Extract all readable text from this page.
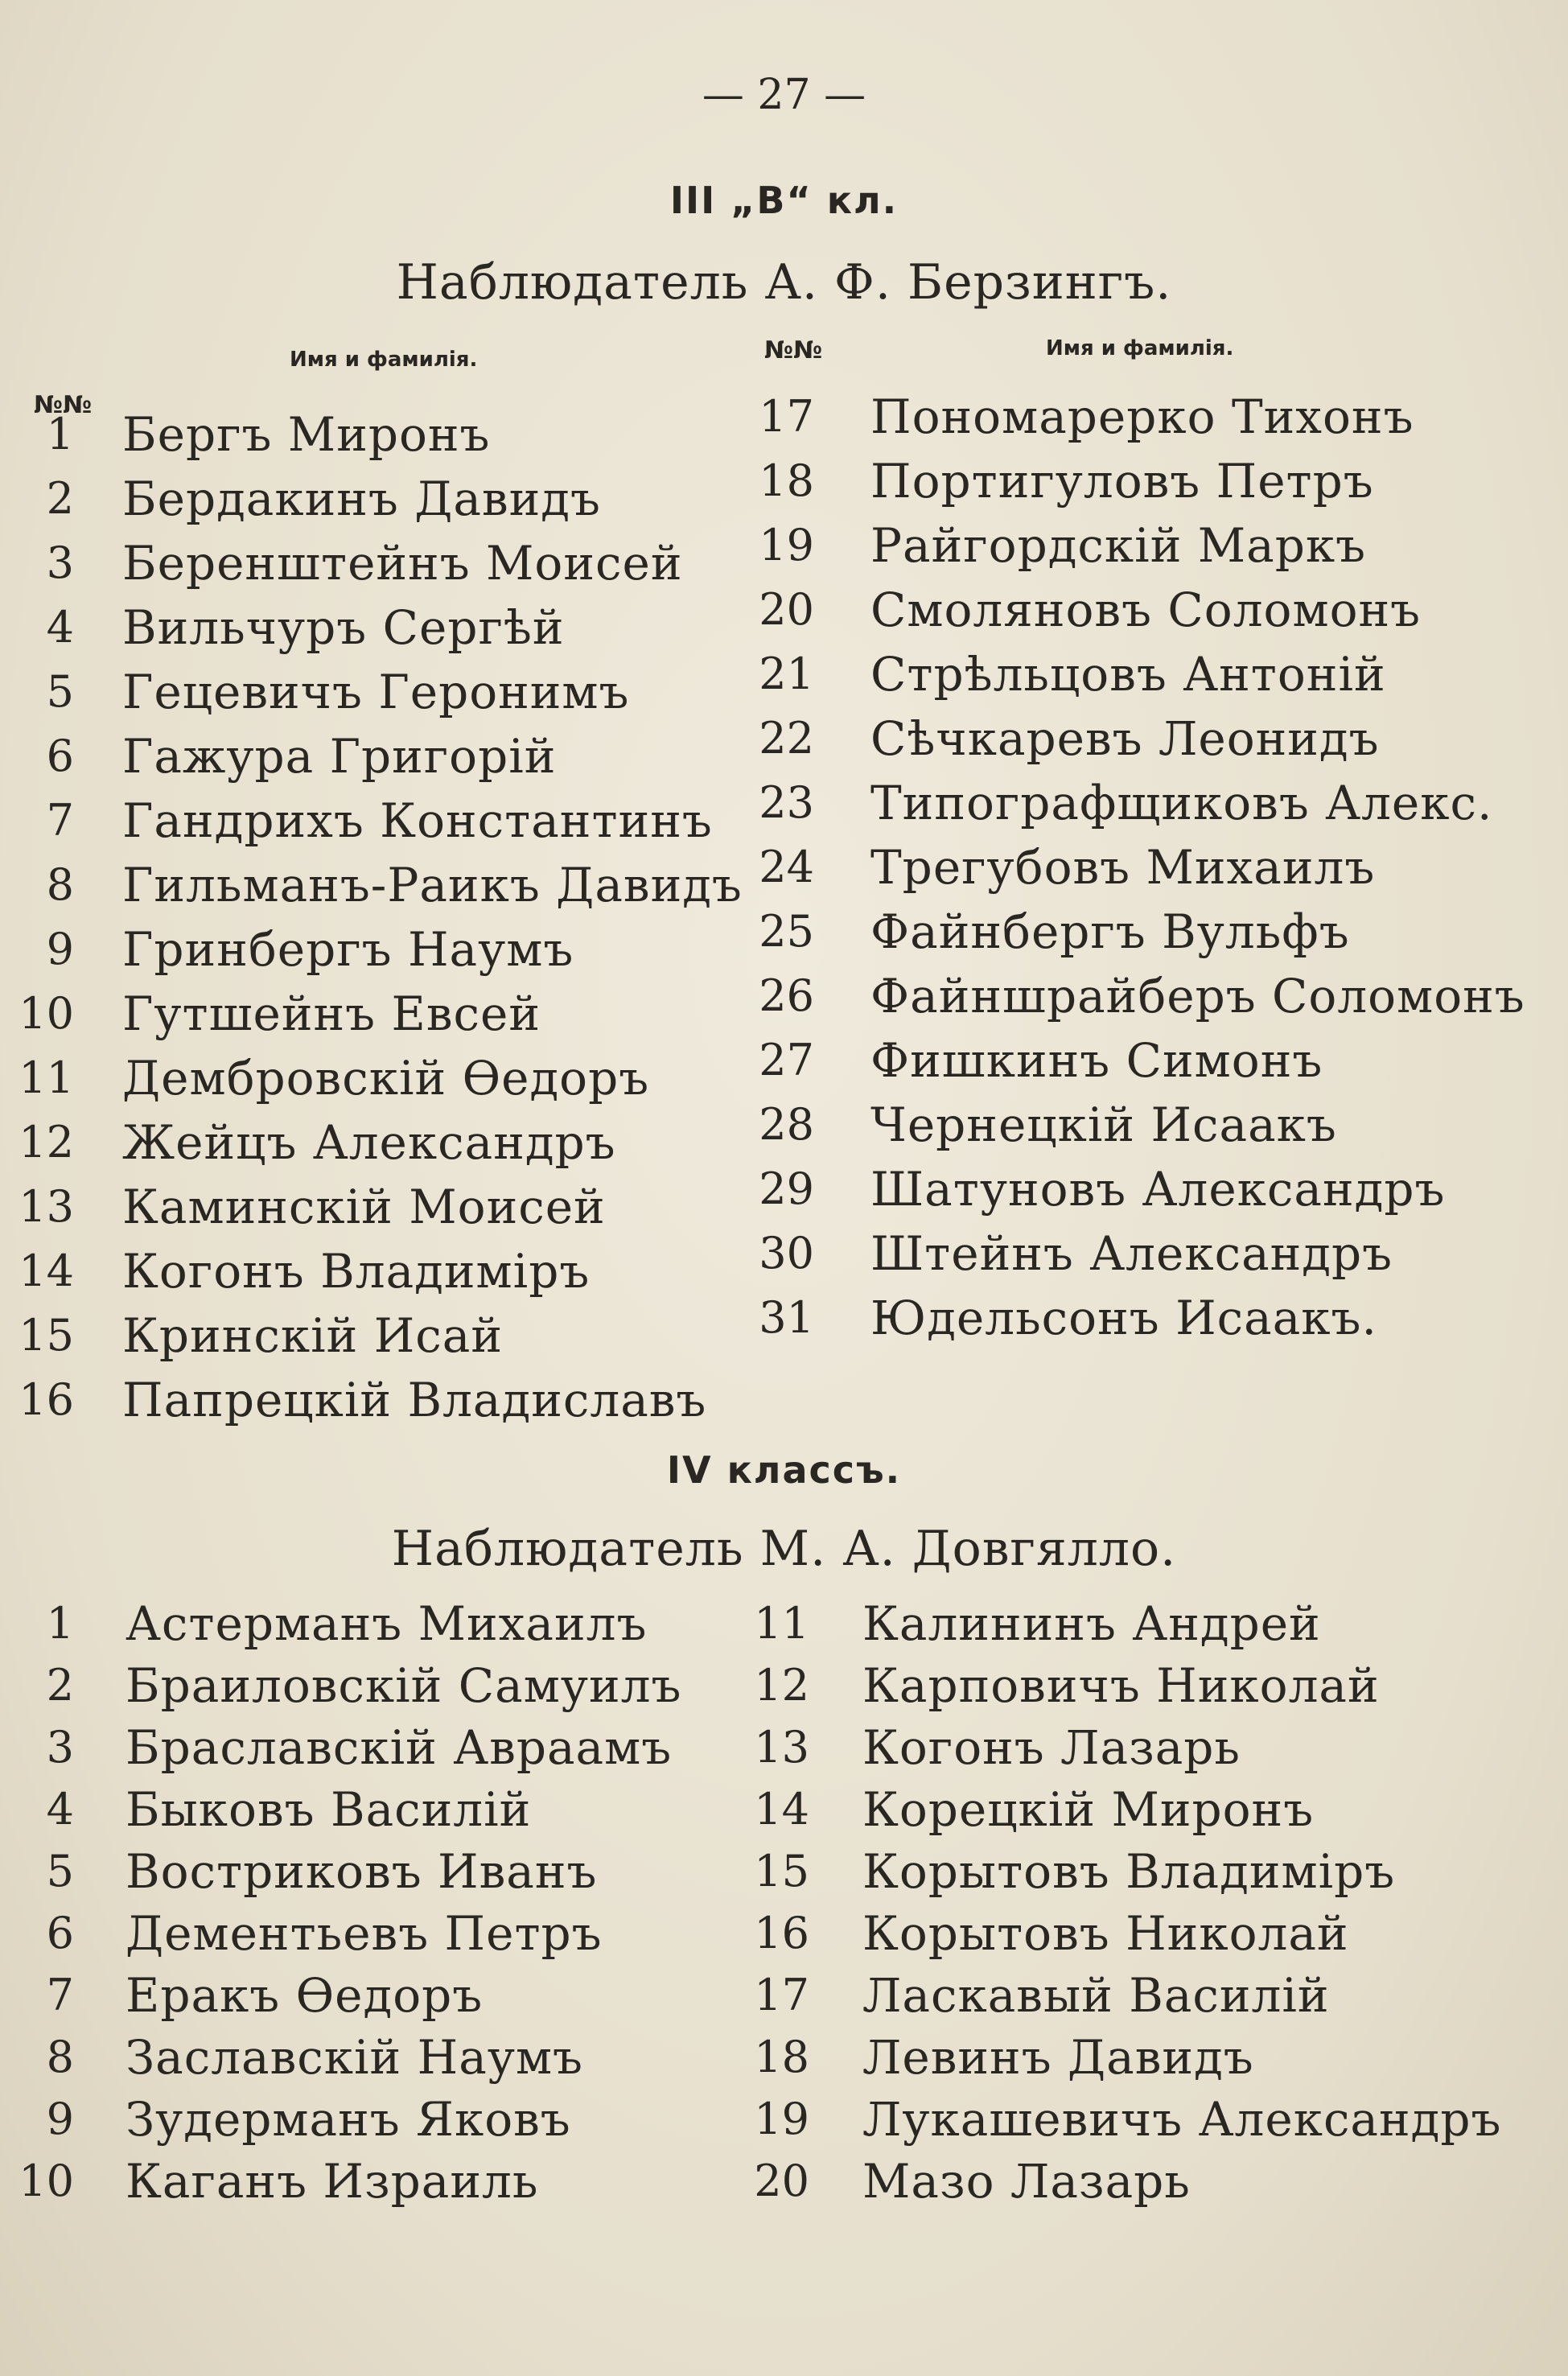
— 27 —
III „B“ кл.
Наблюдатель А. Ф. Берзингъ.
Имя и фамилія.	Имя и фамилія.
№№
№№
1 Бергъ Миронъ
2 Бердакинъ Давидъ
3 Беренштейнъ Моисей
4 Вильчуръ Сергѣй
5 Гецевичъ Геронимъ
6 Гажура Григорій
7 Гандрихъ Константинъ
8 Гильманъ-Раикъ Давидъ
9 Гринбергъ Наумъ
10 Гутшейнъ Евсей
11 Дембровскій Өедоръ
12 Жейцъ Александръ
13 Каминскій Моисей
14 Когонъ Владиміръ
15 Кринскій Исай
16 Папрецкій Владиславъ
17 Пономарерко Тихонъ
18 Портигуловъ Петръ
19 Райгордскій Маркъ
20 Смоляновъ Соломонъ
21 Стрѣльцовъ Антоній
22 Сѣчкаревъ Леонидъ
23 Типографщиковъ Алекс.
24 Трегубовъ Михаилъ
25 Файнбергъ Вульфъ
26 Файншрайберъ Соломонъ
27 Фишкинъ Симонъ
28 Чернецкій Исаакъ
29 Шатуновъ Александръ
30 Штейнъ Александръ
31 Юдельсонъ Исаакъ.
IV классъ.
Наблюдатель М. А. Довгялло.
1 Астерманъ Михаилъ
2 Браиловскій Самуилъ
3 Браславскій Авраамъ
4 Быковъ Василій
5 Востриковъ Иванъ
6 Дементьевъ Петръ
7 Еракъ Өедоръ
8 Заславскій Наумъ
9 Зудерманъ Яковъ
10 Каганъ Израиль
11 Калининъ Андрей
12 Карповичъ Николай
13 Когонъ Лазарь
14 Корецкій Миронъ
15 Корытовъ Владиміръ
16 Корытовъ Николай
17 Ласкавый Василій
18 Левинъ Давидъ
19 Лукашевичъ Александръ
20 Мазо Лазарь
